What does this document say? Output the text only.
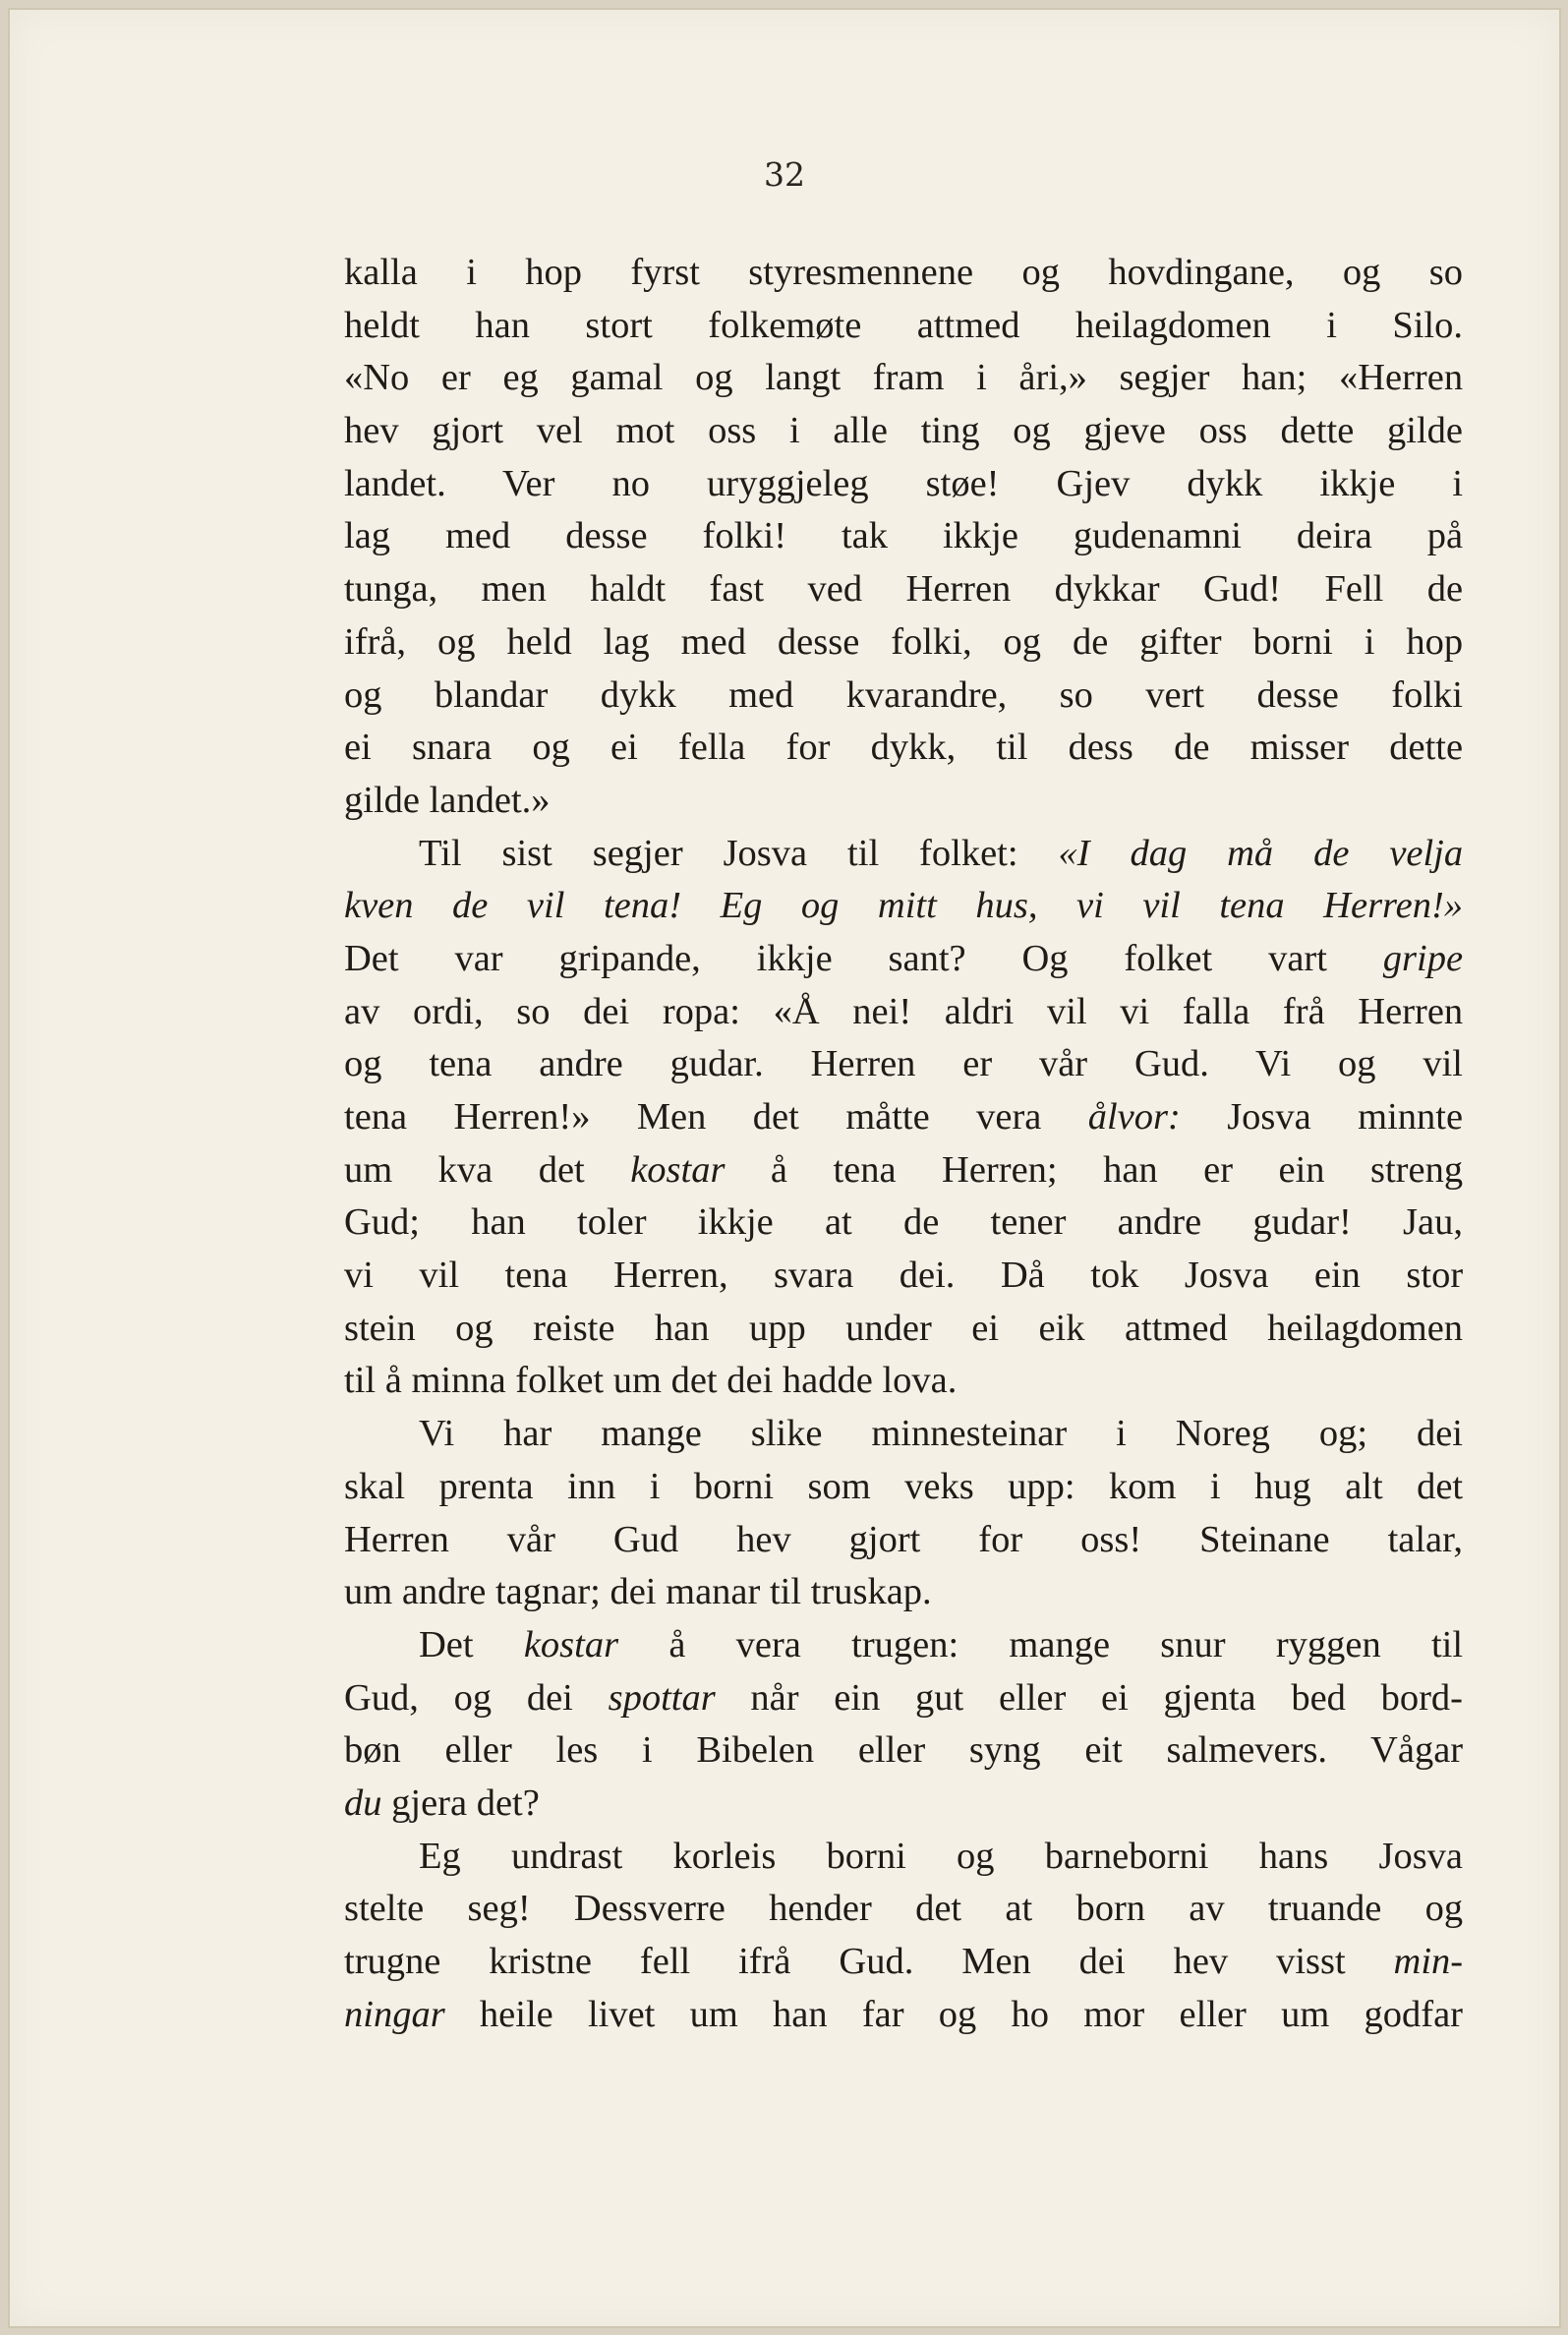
32
kalla i hop fyrst styresmennene og hovdingane, og so
heldt han stort folkemøte attmed heilagdomen i Silo.
«No er eg gamal og langt fram i åri,» segjer han; «Herren
hev gjort vel mot oss i alle ting og gjeve oss dette gilde
landet. Ver no uryggjeleg støe! Gjev dykk ikkje i
lag med desse folki! tak ikkje gudenamni deira på
tunga, men haldt fast ved Herren dykkar Gud! Fell de
ifrå, og held lag med desse folki, og de gifter borni i hop
og blandar dykk med kvarandre, so vert desse folki
ei snara og ei fella for dykk, til dess de misser dette
gilde landet.»
Til sist segjer Josva til folket: «I dag må de velja
kven de vil tena! Eg og mitt hus, vi vil tena Herren!»
Det var gripande, ikkje sant? Og folket vart gripe
av ordi, so dei ropa: «Å nei! aldri vil vi falla frå Herren
og tena andre gudar. Herren er vår Gud. Vi og vil
tena Herren!» Men det måtte vera ålvor: Josva minnte
um kva det kostar å tena Herren; han er ein streng
Gud; han toler ikkje at de tener andre gudar! Jau,
vi vil tena Herren, svara dei. Då tok Josva ein stor
stein og reiste han upp under ei eik attmed heilagdomen
til å minna folket um det dei hadde lova.
Vi har mange slike minnesteinar i Noreg og; dei
skal prenta inn i borni som veks upp: kom i hug alt det
Herren vår Gud hev gjort for oss! Steinane talar,
um andre tagnar; dei manar til truskap.
Det kostar å vera trugen: mange snur ryggen til
Gud, og dei spottar når ein gut eller ei gjenta bed bord-
bøn eller les i Bibelen eller syng eit salmevers. Vågar
du gjera det?
Eg undrast korleis borni og barneborni hans Josva
stelte seg! Dessverre hender det at born av truande og
trugne kristne fell ifrå Gud. Men dei hev visst min-
ningar heile livet um han far og ho mor eller um godfar
